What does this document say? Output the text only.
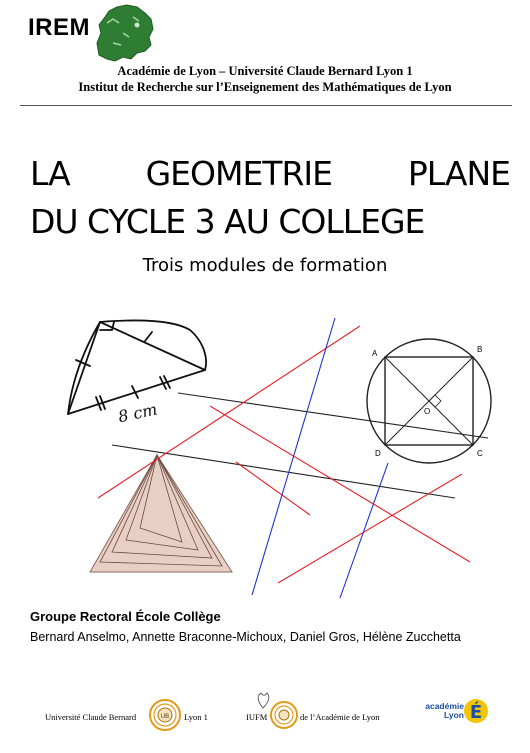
IREM
Académie de Lyon – Université Claude Bernard Lyon 1
Institut de Recherche sur l’Enseignement des Mathématiques de Lyon
LA GEOMETRIE PLANE
DU CYCLE 3 AU COLLEGE
Trois modules de formation
8 cm
A	B
C
D
O
Groupe Rectoral École Collège
Bernard Anselmo, Annette Braconne-Michoux, Daniel Gros, Hélène Zucchetta
Université Claude Bernard	UB Lyon 1	IUFM	de l’Académie de Lyon
académie
Lyon É
